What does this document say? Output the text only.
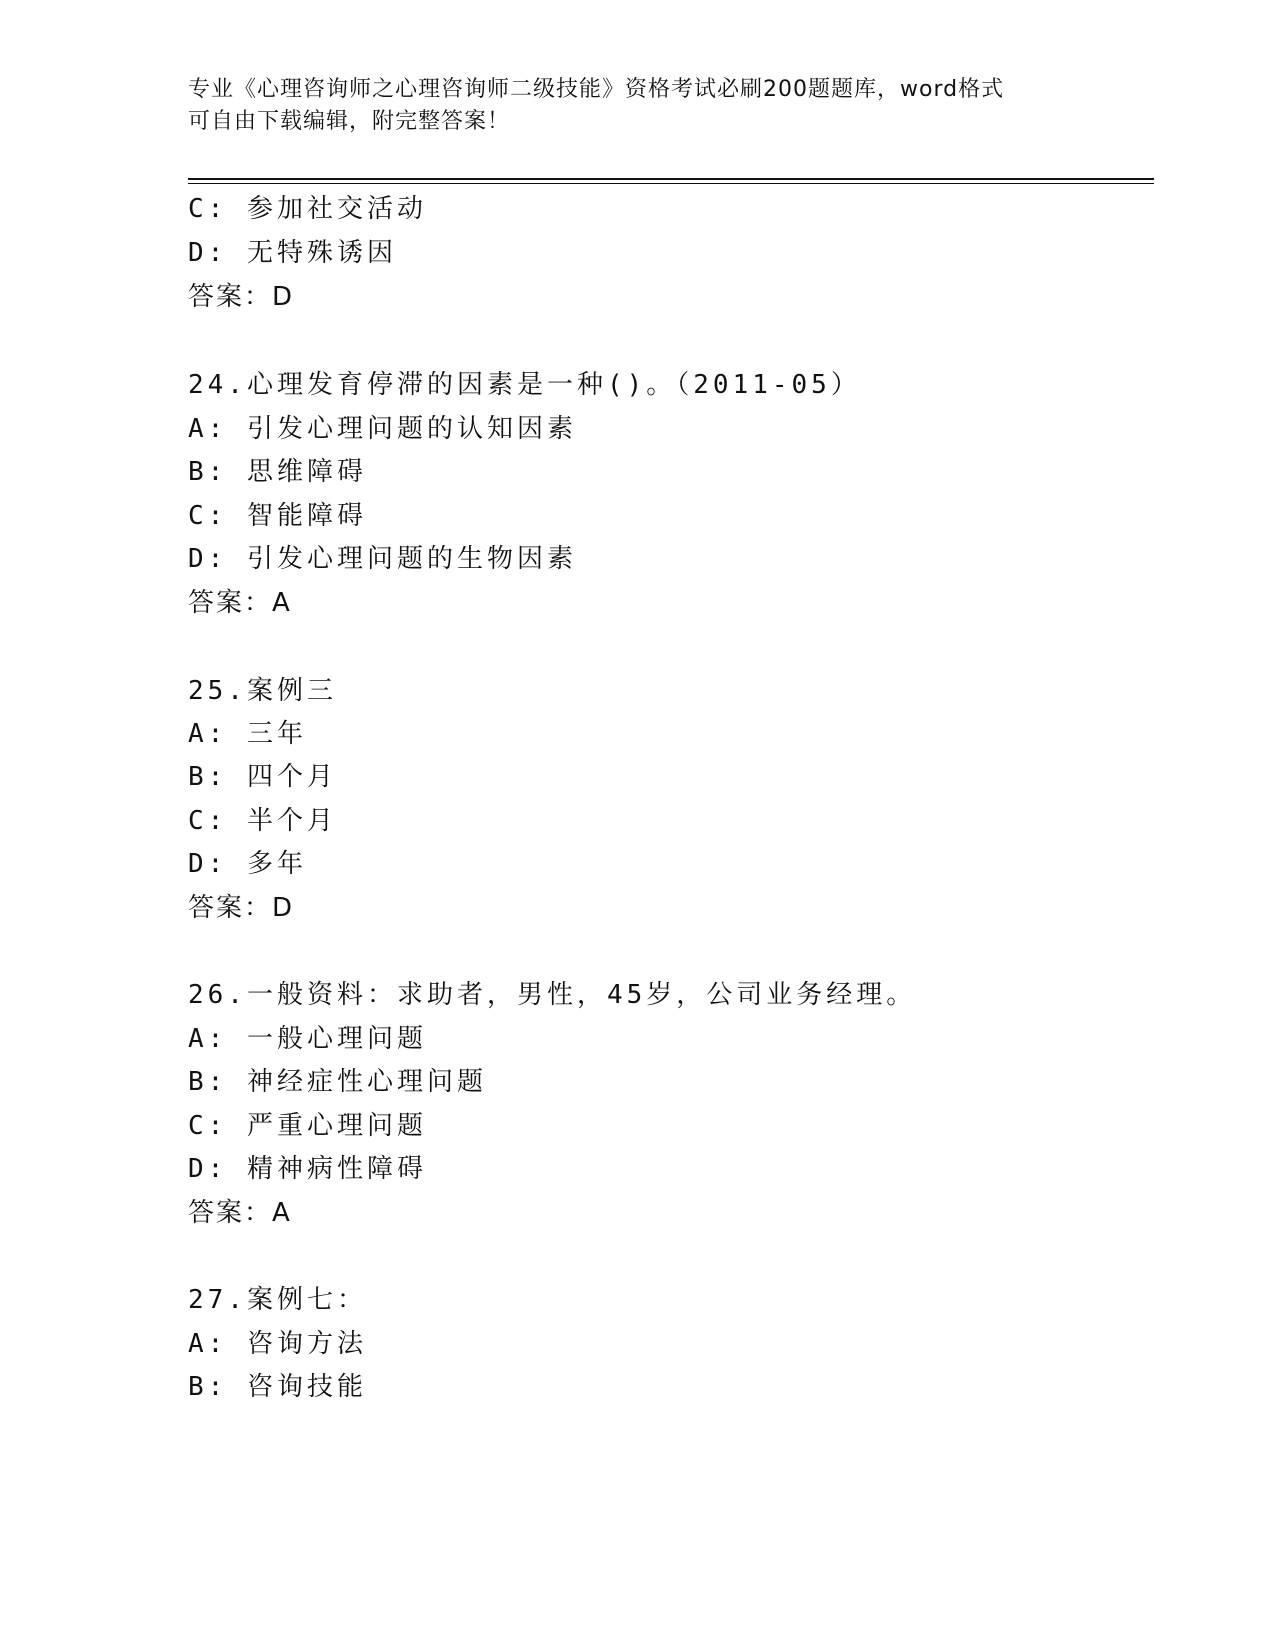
专业《心理咨询师之心理咨询师二级技能》资格考试必刷200题题库，word格式
可自由下载编辑，附完整答案！
C: 参加社交活动
D: 无特殊诱因
答案：D
24.心理发育停滞的因素是一种()。（2011-05）
A: 引发心理问题的认知因素
B: 思维障碍
C: 智能障碍
D: 引发心理问题的生物因素
答案：A
25.案例三
A: 三年
B: 四个月
C: 半个月
D: 多年
答案：D
26.一般资料：求助者，男性，45岁，公司业务经理。
A: 一般心理问题
B: 神经症性心理问题
C: 严重心理问题
D: 精神病性障碍
答案：A
27.案例七：
A: 咨询方法
B: 咨询技能
